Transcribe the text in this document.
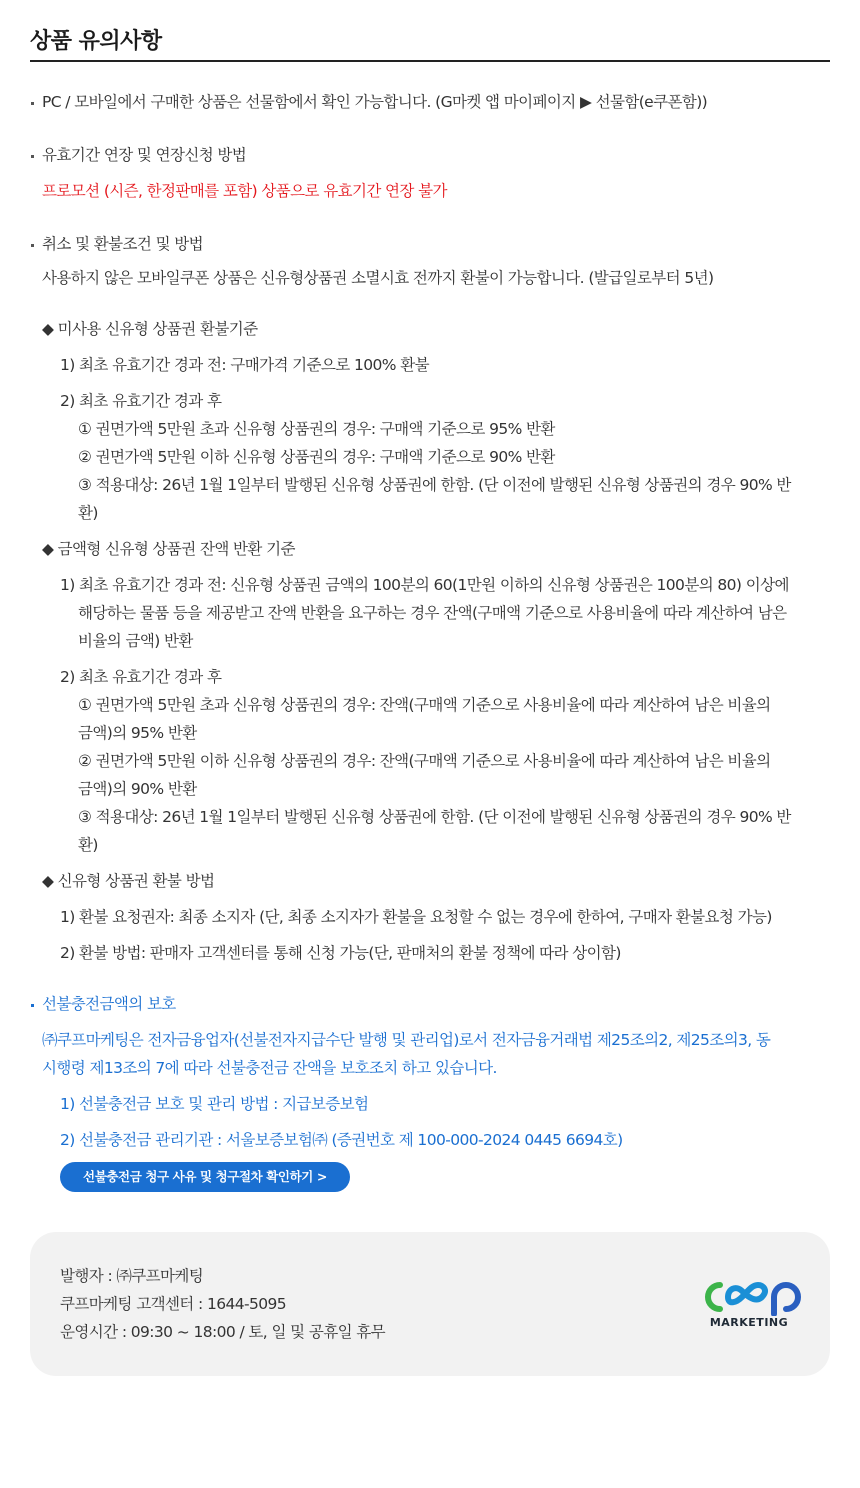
상품 유의사항
PC / 모바일에서 구매한 상품은 선물함에서 확인 가능합니다. (G마켓 앱 마이페이지 ▶ 선물함(e쿠폰함))
유효기간 연장 및 연장신청 방법
프로모션 (시즌, 한정판매를 포함) 상품으로 유효기간 연장 불가
취소 및 환불조건 및 방법
사용하지 않은 모바일쿠폰 상품은 신유형상품권 소멸시효 전까지 환불이 가능합니다. (발급일로부터 5년)
◆ 미사용 신유형 상품권 환불기준
1) 최초 유효기간 경과 전: 구매가격 기준으로 100% 환불
2) 최초 유효기간 경과 후
① 권면가액 5만원 초과 신유형 상품권의 경우: 구매액 기준으로 95% 반환
② 권면가액 5만원 이하 신유형 상품권의 경우: 구매액 기준으로 90% 반환
③ 적용대상: 26년 1월 1일부터 발행된 신유형 상품권에 한함. (단 이전에 발행된 신유형 상품권의 경우 90% 반
환)
◆ 금액형 신유형 상품권 잔액 반환 기준
1) 최초 유효기간 경과 전: 신유형 상품권 금액의 100분의 60(1만원 이하의 신유형 상품권은 100분의 80) 이상에
해당하는 물품 등을 제공받고 잔액 반환을 요구하는 경우 잔액(구매액 기준으로 사용비율에 따라 계산하여 남은
비율의 금액) 반환
2) 최초 유효기간 경과 후
① 권면가액 5만원 초과 신유형 상품권의 경우: 잔액(구매액 기준으로 사용비율에 따라 계산하여 남은 비율의
금액)의 95% 반환
② 권면가액 5만원 이하 신유형 상품권의 경우: 잔액(구매액 기준으로 사용비율에 따라 계산하여 남은 비율의
금액)의 90% 반환
③ 적용대상: 26년 1월 1일부터 발행된 신유형 상품권에 한함. (단 이전에 발행된 신유형 상품권의 경우 90% 반
환)
◆ 신유형 상품권 환불 방법
1) 환불 요청권자: 최종 소지자 (단, 최종 소지자가 환불을 요청할 수 없는 경우에 한하여, 구매자 환불요청 가능)
2) 환불 방법: 판매자 고객센터를 통해 신청 가능(단, 판매처의 환불 정책에 따라 상이함)
선불충전금액의 보호
㈜쿠프마케팅은 전자금융업자(선불전자지급수단 발행 및 관리업)로서 전자금융거래법 제25조의2, 제25조의3, 동
시행령 제13조의 7에 따라 선불충전금 잔액을 보호조치 하고 있습니다.
1) 선불충전금 보호 및 관리 방법 : 지급보증보험
2) 선불충전금 관리기관 : 서울보증보험㈜ (증권번호 제 100-000-2024 0445 6694호)
선불충전금 청구 사유 및 청구절차 확인하기 >
발행자 : ㈜쿠프마케팅
쿠프마케팅 고객센터 : 1644-5095
운영시간 : 09:30 ~ 18:00 / 토, 일 및 공휴일 휴무
MARKETING
